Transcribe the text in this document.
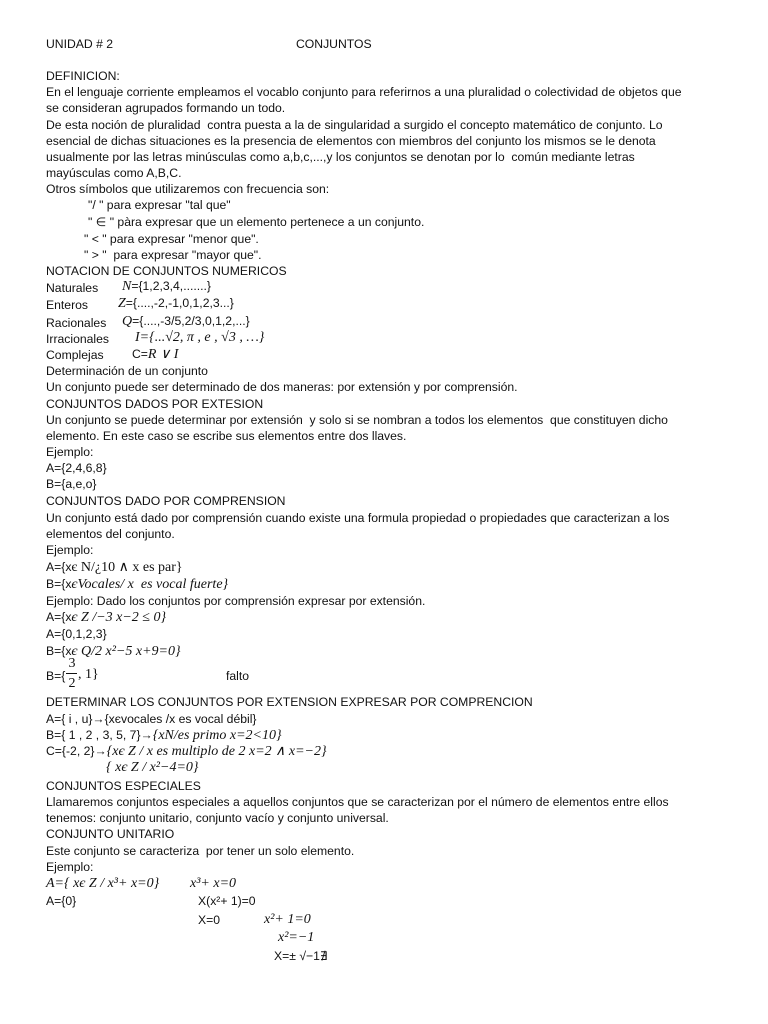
UNIDAD # 2	CONJUNTOS
DEFINICION:
En el lenguaje corriente empleamos el vocablo conjunto para referirnos a una pluralidad o colectividad de objetos que
se consideran agrupados formando un todo.
De esta noción de pluralidad  contra puesta a la de singularidad a surgido el concepto matemático de conjunto. Lo
esencial de dichas situaciones es la presencia de elementos con miembros del conjunto los mismos se le denota
usualmente por las letras minúsculas como a,b,c,...,y los conjuntos se denotan por lo  común mediante letras
mayúsculas como A,B,C.
Otros símbolos que utilizaremos con frecuencia son:
"/ " para expresar "tal que"
" ∈ " pàra expresar que un elemento pertenece a un conjunto.
" < " para expresar "menor que".
" > "  para expresar "mayor que".
NOTACION DE CONJUNTOS NUMERICOS
Naturales N={1,2,3,4,.......}
Enteros Z={....,-2,-1,0,1,2,3...}
Racionales Q={....,-3/5,2/3,0,1,2,...}
Irracionales I={...√2, π , e , √3 , …}
Complejas C=R ∨ I
Determinación de un conjunto
Un conjunto puede ser determinado de dos maneras: por extensión y por comprensión.
CONJUNTOS DADOS POR EXTESION
Un conjunto se puede determinar por extensión  y solo si se nombran a todos los elementos  que constituyen dicho
elemento. En este caso se escribe sus elementos entre dos llaves.
Ejemplo:
A={2,4,6,8}
B={a,e,o}
CONJUNTOS DADO POR COMPRENSION
Un conjunto está dado por comprensión cuando existe una formula propiedad o propiedades que caracterizan a los
elementos del conjunto.
Ejemplo:
A={xє N/¿10 ∧ x es par}
B={xєVocales/ x  es vocal fuerte}
Ejemplo: Dado los conjuntos por comprensión expresar por extensión.
A={xє Z /−3 x−2 ≤ 0}
A={0,1,2,3}
B={xє Q/2 x²−5 x+9=0}
B={
3
2
, 1}	falto
DETERMINAR LOS CONJUNTOS POR EXTENSION EXPRESAR POR COMPRENCION
A={ i , u}→{xєvocales /x es vocal débil}
B={ 1 , 2 , 3, 5, 7}→{xN/es primo x=2<10}
C={-2, 2}→{xє Z / x es multiplo de 2 x=2 ∧ x=−2}
{ xє Z / x²−4=0}
CONJUNTOS ESPECIALES
Llamaremos conjuntos especiales a aquellos conjuntos que se caracterizan por el número de elementos entre ellos
tenemos: conjunto unitario, conjunto vacío y conjunto universal.
CONJUNTO UNITARIO
Este conjunto se caracteriza  por tener un solo elemento.
Ejemplo:
A={ xє Z / x³+ x=0}
A={0}
x³+ x=0
X(x²+ 1)=0
X=0	x²+ 1=0
x²=−1
X=± √−1∄
